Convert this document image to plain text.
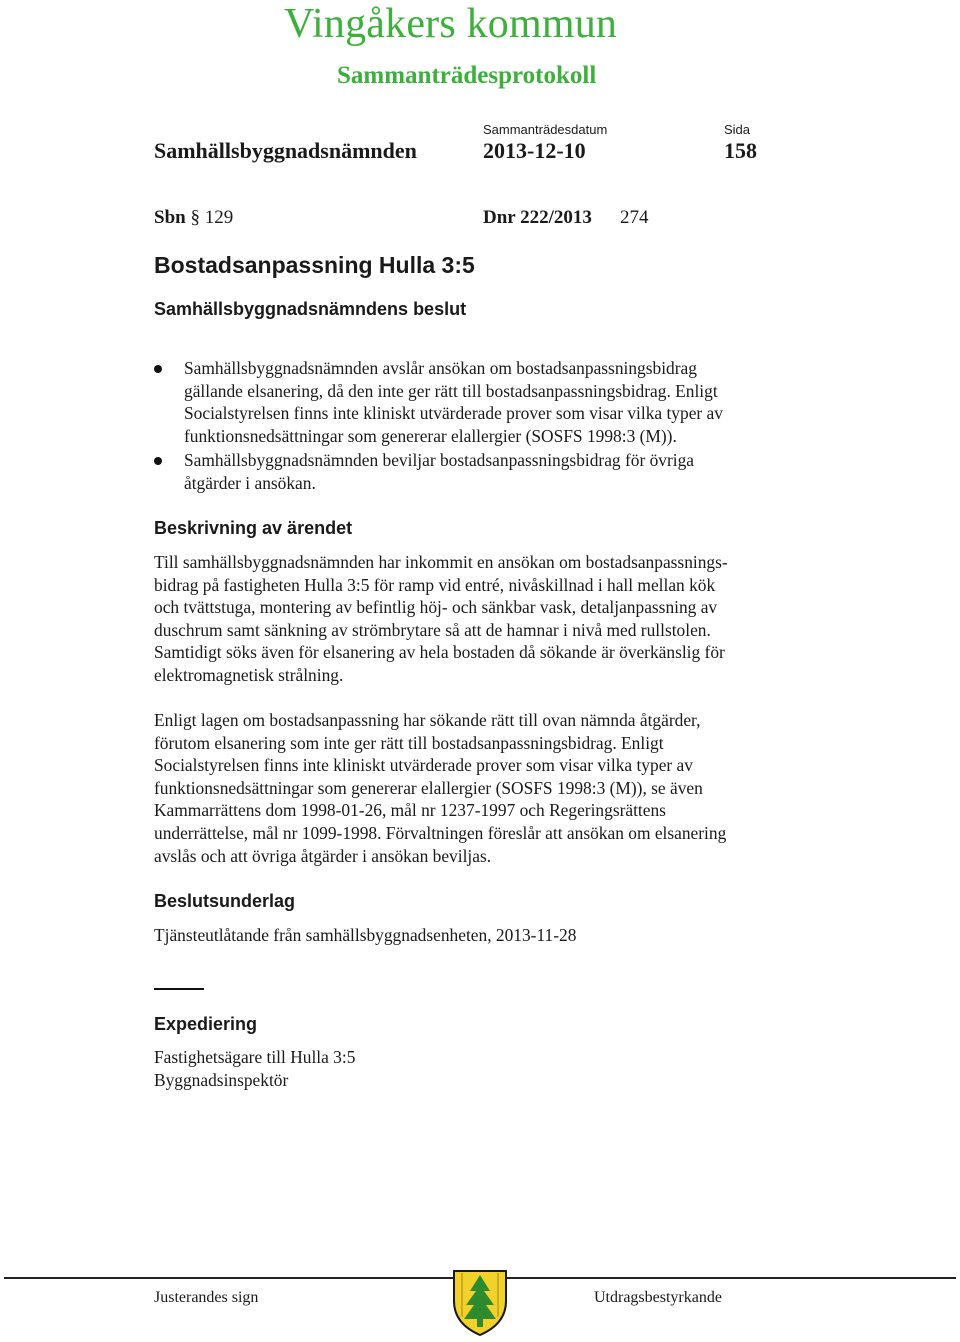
Vingåkers kommun
Sammanträdesprotokoll
Sammanträdesdatum	Sida
Samhällsbyggnadsnämnden	2013-12-10	158
Sbn § 129	Dnr 222/2013 274
Bostadsanpassning Hulla 3:5
Samhällsbyggnadsnämndens beslut
Samhällsbyggnadsnämnden avslår ansökan om bostadsanpassningsbidrag
gällande elsanering, då den inte ger rätt till bostadsanpassningsbidrag. Enligt
Socialstyrelsen finns inte kliniskt utvärderade prover som visar vilka typer av
funktionsnedsättningar som genererar elallergier (SOSFS 1998:3 (M)).
Samhällsbyggnadsnämnden beviljar bostadsanpassningsbidrag för övriga
åtgärder i ansökan.
Beskrivning av ärendet
Till samhällsbyggnadsnämnden har inkommit en ansökan om bostadsanpassnings-
bidrag på fastigheten Hulla 3:5 för ramp vid entré, nivåskillnad i hall mellan kök
och tvättstuga, montering av befintlig höj- och sänkbar vask, detaljanpassning av
duschrum samt sänkning av strömbrytare så att de hamnar i nivå med rullstolen.
Samtidigt söks även för elsanering av hela bostaden då sökande är överkänslig för
elektromagnetisk strålning.
Enligt lagen om bostadsanpassning har sökande rätt till ovan nämnda åtgärder,
förutom elsanering som inte ger rätt till bostadsanpassningsbidrag. Enligt
Socialstyrelsen finns inte kliniskt utvärderade prover som visar vilka typer av
funktionsnedsättningar som genererar elallergier (SOSFS 1998:3 (M)), se även
Kammarrättens dom 1998-01-26, mål nr 1237-1997 och Regeringsrättens
underrättelse, mål nr 1099-1998. Förvaltningen föreslår att ansökan om elsanering
avslås och att övriga åtgärder i ansökan beviljas.
Beslutsunderlag
Tjänsteutlåtande från samhällsbyggnadsenheten, 2013-11-28
Expediering
Fastighetsägare till Hulla 3:5
Byggnadsinspektör
Justerandes sign	Utdragsbestyrkande
